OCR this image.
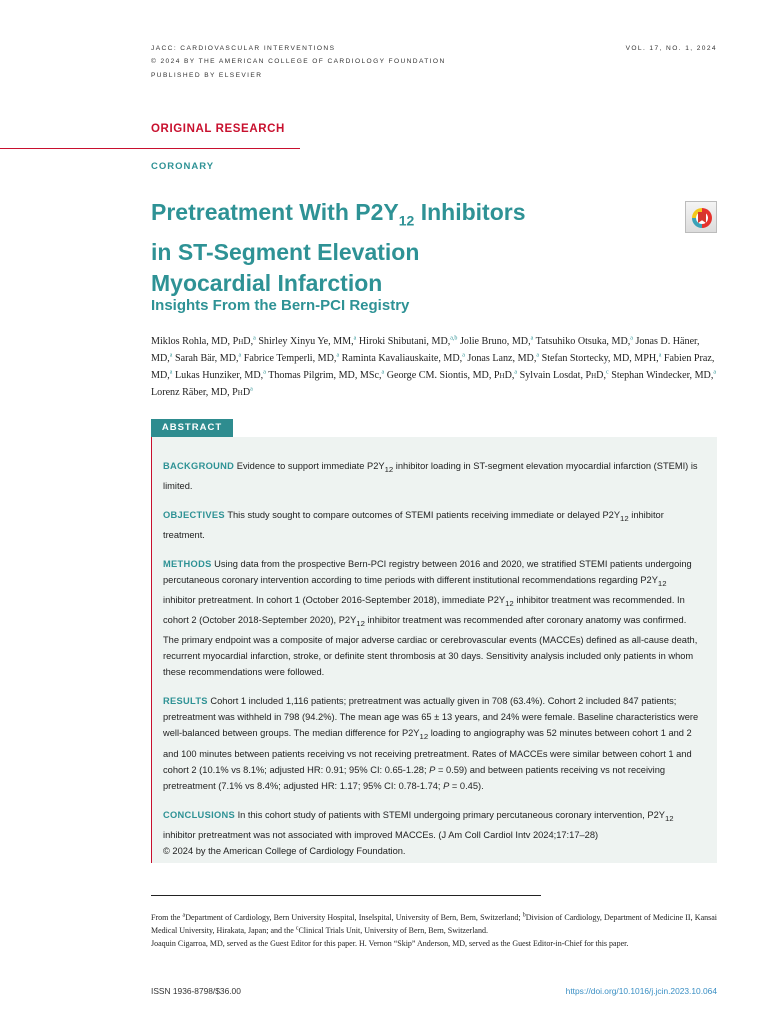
JACC: CARDIOVASCULAR INTERVENTIONS
© 2024 BY THE AMERICAN COLLEGE OF CARDIOLOGY FOUNDATION
PUBLISHED BY ELSEVIER
VOL. 17, NO. 1, 2024
ORIGINAL RESEARCH
CORONARY
Pretreatment With $P2Y_{12}$ Inhibitors
in ST-Segment Elevation
Myocardial Infarction
Insights From the Bern-PCI Registry

Miklos Rohla, MD, PhD,$^a$ Shirley Xinyu Ye, MM,$^a$ Hiroki Shibutani, MD,$^{a,b}$ Jolie Bruno, MD,$^a$ Tatsuhiko Otsuka, MD,$^a$ Jonas D. Häner, MD,$^a$ Sarah Bär, MD,$^a$ Fabrice Temperli, MD,$^a$ Raminta Kavaliauskaite, MD,$^a$ Jonas Lanz, MD,$^a$ Stefan Stortecky, MD, MPH,$^a$ Fabien Praz, MD,$^a$ Lukas Hunziker, MD,$^a$ Thomas Pilgrim, MD, MSc,$^a$ George CM. Siontis, MD, PhD,$^a$ Sylvain Losdat, PhD,$^c$ Stephan Windecker, MD,$^a$ Lorenz Räber, MD, PhD$^a$

BACKGROUND Evidence to support immediate $P2Y_{12}$ inhibitor loading in ST-segment elevation myocardial infarction (STEMI) is limited.

OBJECTIVES This study sought to compare outcomes of STEMI patients receiving immediate or delayed $P2Y_{12}$ inhibitor treatment.

METHODS Using data from the prospective Bern-PCI registry between 2016 and 2020, we stratified STEMI patients undergoing percutaneous coronary intervention according to time periods with different institutional recommendations regarding $P2Y_{12}$ inhibitor pretreatment. In cohort 1 (October 2016-September 2018), immediate $P2Y_{12}$ inhibitor treatment was recommended. In cohort 2 (October 2018-September 2020), $P2Y_{12}$ inhibitor treatment was recommended after coronary anatomy was confirmed. The primary endpoint was a composite of major adverse cardiac or cerebrovascular events (MACCEs) defined as all-cause death, recurrent myocardial infarction, stroke, or definite stent thrombosis at 30 days. Sensitivity analysis included only patients in whom these recommendations were followed.

RESULTS Cohort 1 included 1,116 patients; pretreatment was actually given in 708 (63.4%). Cohort 2 included 847 patients; pretreatment was withheld in 798 (94.2%). The mean age was 65 ± 13 years, and 24% were female. Baseline characteristics were well-balanced between groups. The median difference for $P2Y_{12}$ loading to angiography was 52 minutes between cohort 1 and 2 and 100 minutes between patients receiving vs not receiving pretreatment. Rates of MACCEs were similar between cohort 1 and cohort 2 (10.1% vs 8.1%; adjusted HR: 0.91; 95% CI: 0.65-1.28; P = 0.59) and between patients receiving vs not receiving pretreatment (7.1% vs 8.4%; adjusted HR: 1.17; 95% CI: 0.78-1.74; P = 0.45).

CONCLUSIONS In this cohort study of patients with STEMI undergoing primary percutaneous coronary intervention, $P2Y_{12}$ inhibitor pretreatment was not associated with improved MACCEs. (J Am Coll Cardiol Intv 2024;17:17–28)
© 2024 by the American College of Cardiology Foundation.

ABSTRACT

From the $^a$Department of Cardiology, Bern University Hospital, Inselspital, University of Bern, Bern, Switzerland; $^b$Division of Cardiology, Department of Medicine II, Kansai Medical University, Hirakata, Japan; and the $^c$Clinical Trials Unit, University of Bern, Bern, Switzerland.

Joaquin Cigarroa, MD, served as the Guest Editor for this paper. H. Vernon “Skip” Anderson, MD, served as the Guest Editor-in-Chief for this paper.

ISSN 1936-8798/$36.00	https://doi.org/10.1016/j.jcin.2023.10.064
